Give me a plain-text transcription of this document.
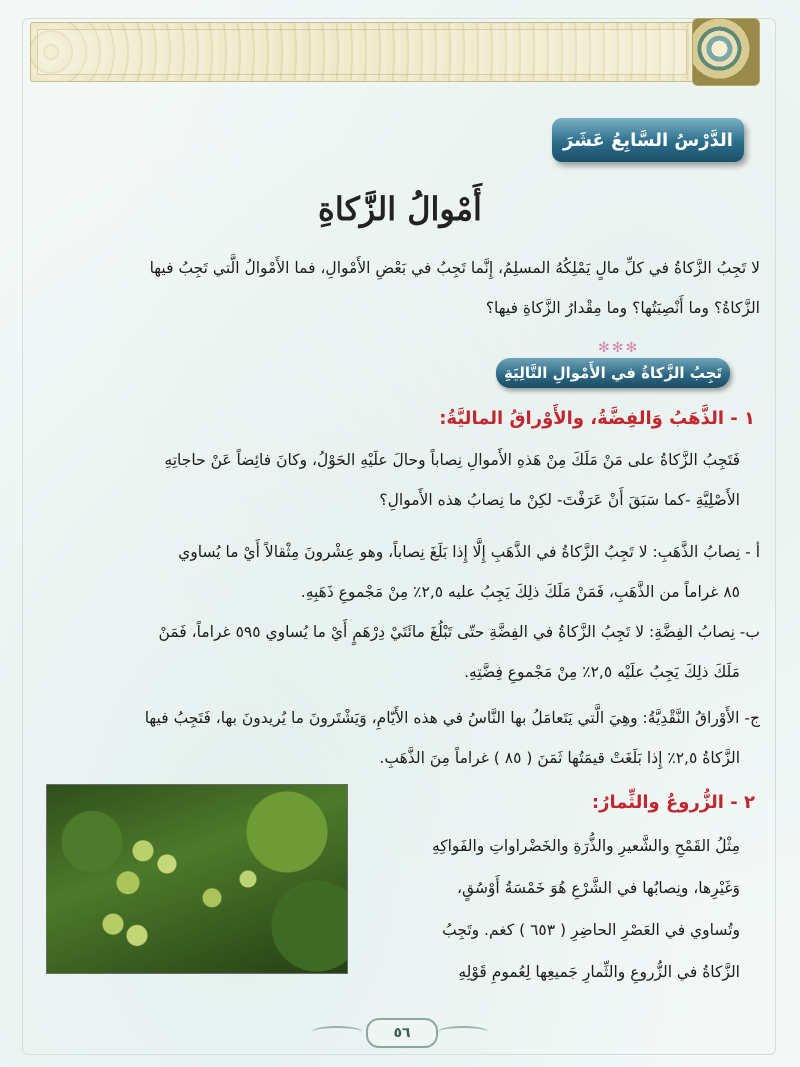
الدَّرْسُ السَّابِعُ عَشَرَ
أَمْوالُ الزَّكاةِ
لا تَجِبُ الزَّكاةُ في كلِّ مالٍ يَمْلِكُهُ المسلِمُ، إِنَّما تَجِبُ في بَعْضِ الأَمْوالِ، فما الأَمْوالُ الَّتي تَجِبُ فيها
الزَّكاةُ؟ وما أَنْصِبَتُها؟ وما مِقْدارُ الزَّكاةِ فيها؟
✻✻✻
تَجِبُ الزَّكاةُ في الأَمْوالِ التَّالِيَةِ
١ - الذَّهَبُ وَالفِضَّةُ، والأَوْراقُ الماليَّةُ:
فَتَجِبُ الزَّكاةُ على مَنْ مَلَكَ مِنْ هَذهِ الأَموالِ نِصاباً وحالَ علَيْهِ الحَوْلُ، وكانَ فائِضاً عَنْ حاجاتِهِ
الأَصْلِيَّةِ -كما سَبَقَ أَنْ عَرَفْتَ- لكِنْ ما نِصابُ هذه الأَموالِ؟
أ - نِصابُ الذَّهَبِ: لا تَجِبُ الزَّكاةُ في الذَّهَبِ إِلَّا إِذا بَلَغَ نِصاباً، وهو عِشْرونَ مِثْقالاً أَيْ ما يُساوي
٨٥ غراماً من الذَّهَبِ، فَمَنْ مَلَكَ ذلِكَ يَجِبُ عليه ٢,٥٪ مِنْ مَجْموعِ ذَهَبِهِ.
ب- نِصابُ الفِضَّةِ: لا تَجِبُ الزَّكاةُ في الفِضَّةِ حتّى تَبْلُغَ مائَتَيْ دِرْهَمٍ أَيْ ما يُساوي ٥٩٥ غراماً، فَمَنْ
مَلَكَ ذلِكَ يَجِبُ علَيْه ٢,٥٪ مِنْ مَجْموعِ فِضَّتِهِ.
ج- الأَوْراقُ النَّقْدِيَّةُ: وهِيَ الَّتي يَتَعامَلُ بها النَّاسُ في هذه الأَيّامِ، وَيَشْتَرونَ ما يُريدونَ بها، فَتَجِبُ فيها
الزَّكاةُ ٢,٥٪ إِذا بَلَغَتْ قيمَتُها ثَمَنَ ( ٨٥ ) غراماً مِنَ الذَّهَبِ.
٢ - الزُّروعُ والثِّمارُ:
مِثْلُ القَمْحِ والشَّعيرِ والذُّرَةِ والخَضْراواتِ والفَواكِهِ
وَغَيْرِها، ونِصابُها في الشَّرْعِ هُوَ خَمْسَةُ أَوْسُقٍ،
وتُساوي في العَصْرِ الحاضِرِ ( ٦٥٣ ) كغم. وتَجِبُ
الزَّكاةُ في الزُّروعِ والثِّمارِ جَميعِها لِعُمومِ قَوْلِهِ
٥٦
